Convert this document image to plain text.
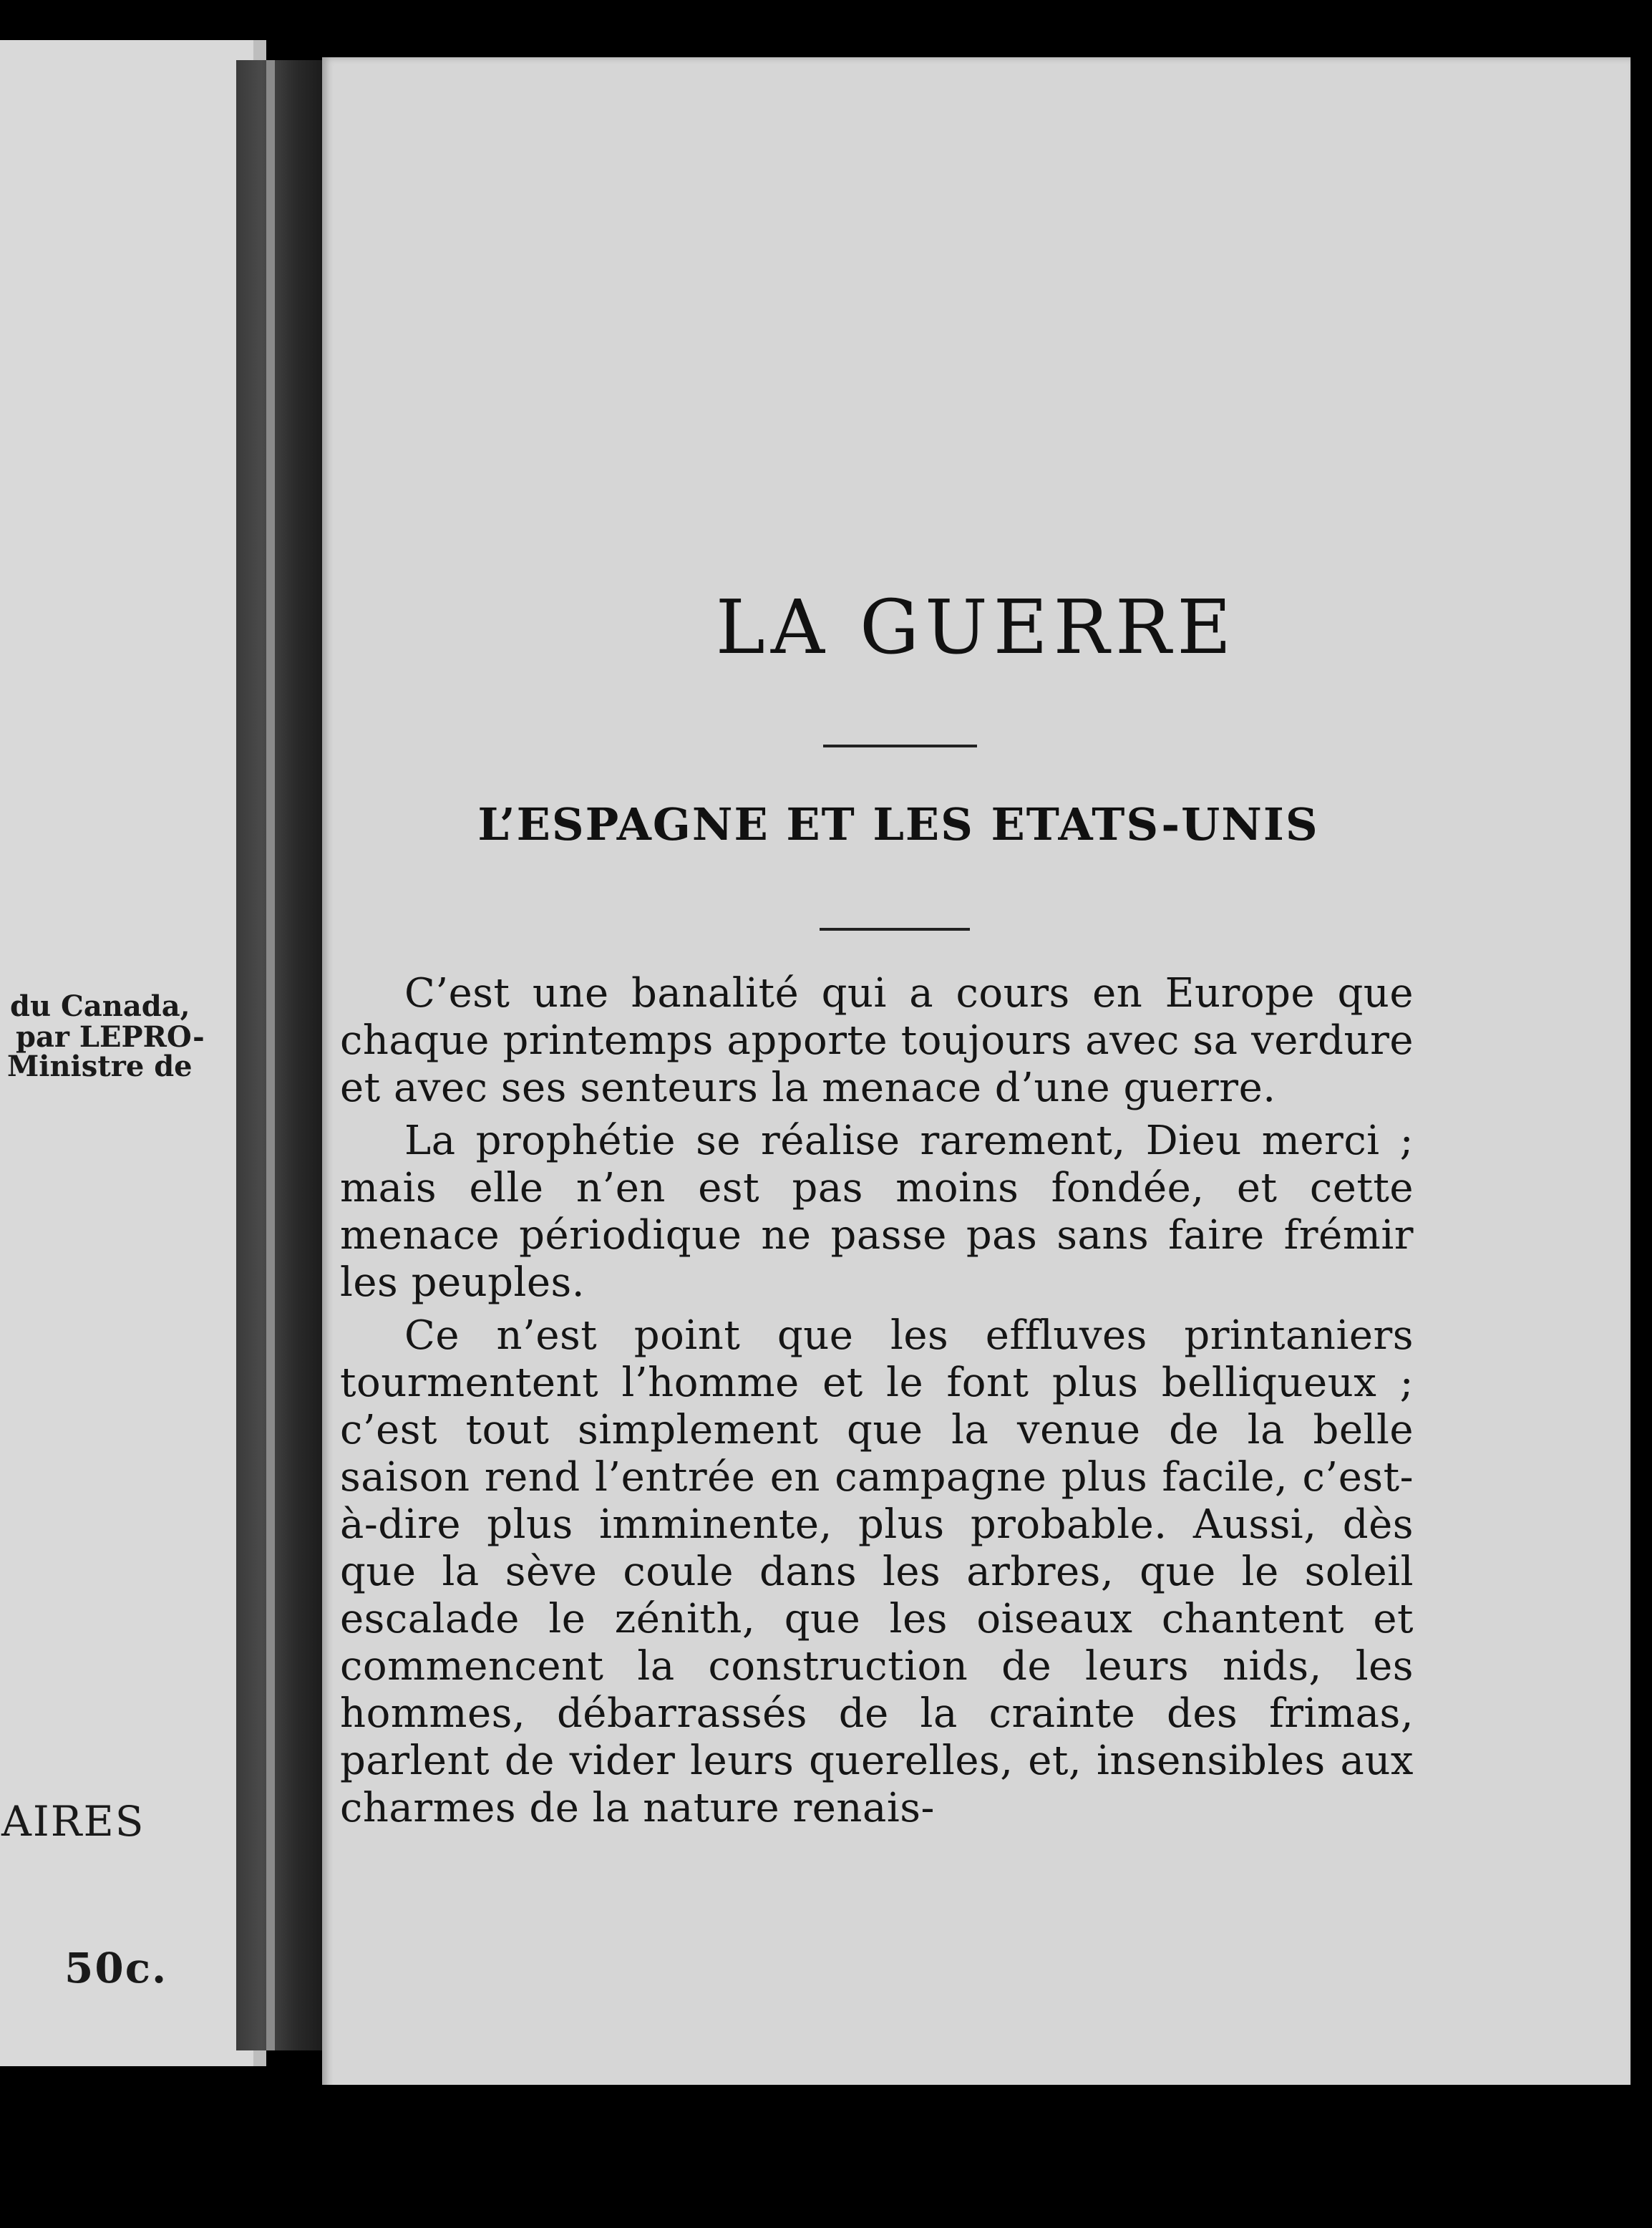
du Canada,
par LEPRO-
Ministre de
AIRES
50c.
LA GUERRE
L’ESPAGNE ET LES ETATS-UNIS

C’est une banalité qui a cours en Europe que chaque printemps apporte toujours avec sa verdure et avec ses senteurs la menace d’une guerre.

La prophétie se réalise rarement, Dieu merci ; mais elle n’en est pas moins fondée, et cette menace périodique ne passe pas sans faire frémir les peuples.

Ce n’est point que les effluves printaniers tourmentent l’homme et le font plus belliqueux ; c’est tout simplement que la venue de la belle saison rend l’entrée en campagne plus facile, c’est-à-dire plus imminente, plus probable. Aussi, dès que la sève coule dans les arbres, que le soleil escalade le zénith, que les oiseaux chantent et commencent la construction de leurs nids, les hommes, débarrassés de la crainte des frimas, parlent de vider leurs querelles, et, insensibles aux charmes de la nature renais-
